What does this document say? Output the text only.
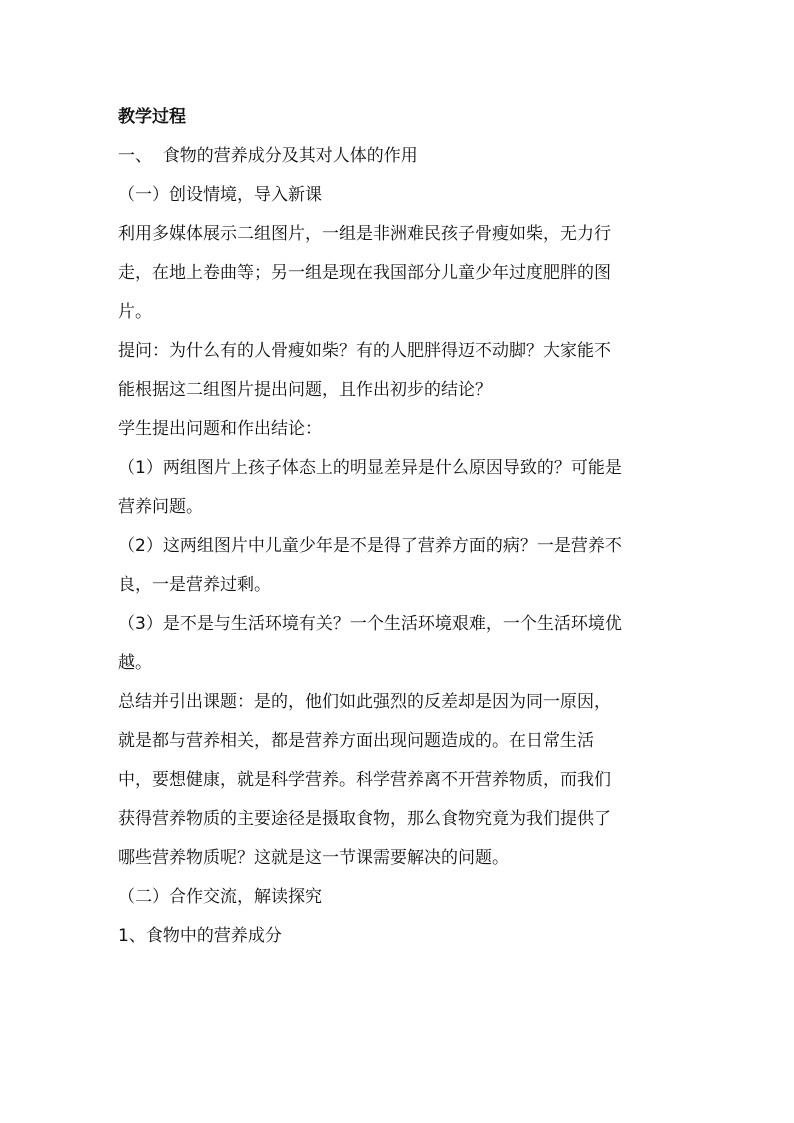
教学过程

一、  食物的营养成分及其对人体的作用

（一）创设情境，导入新课

利用多媒体展示二组图片，一组是非洲难民孩子骨瘦如柴，无力行

走，在地上卷曲等；另一组是现在我国部分儿童少年过度肥胖的图

片。

提问：为什么有的人骨瘦如柴？有的人肥胖得迈不动脚？大家能不

能根据这二组图片提出问题，且作出初步的结论？

学生提出问题和作出结论：

（1）两组图片上孩子体态上的明显差异是什么原因导致的？可能是

营养问题。

（2）这两组图片中儿童少年是不是得了营养方面的病？一是营养不

良，一是营养过剩。

（3）是不是与生活环境有关？一个生活环境艰难，一个生活环境优

越。

总结并引出课题：是的，他们如此强烈的反差却是因为同一原因，

就是都与营养相关，都是营养方面出现问题造成的。在日常生活

中，要想健康，就是科学营养。科学营养离不开营养物质，而我们

获得营养物质的主要途径是摄取食物，那么食物究竟为我们提供了

哪些营养物质呢？这就是这一节课需要解决的问题。

（二）合作交流，解读探究

1、食物中的营养成分
